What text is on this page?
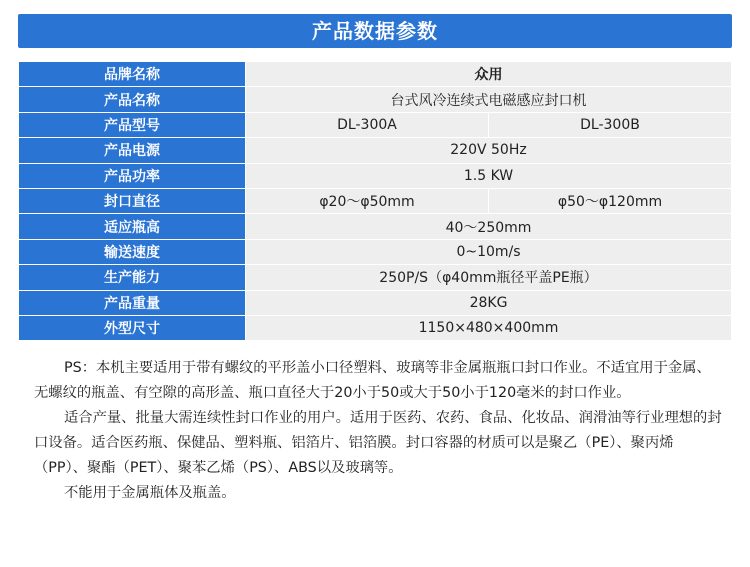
产品数据参数
品牌名称	众用	
产品名称	台式风冷连续式电磁感应封口机	
产品型号	DL-300A	DL-300B
产品电源	220V 50Hz	
产品功率	1.5 KW	
封口直径	φ20～φ50mm	φ50～φ120mm
适应瓶高	40～250mm	
输送速度	0~10m/s	
生产能力	250P/S（φ40mm瓶径平盖PE瓶）	
产品重量	28KG	
外型尺寸	1150×480×400mm	

PS：本机主要适用于带有螺纹的平形盖小口径塑料、玻璃等非金属瓶瓶口封口作业。不适宜用于金属、无螺纹的瓶盖、有空隙的高形盖、瓶口直径大于20小于50或大于50小于120毫米的封口作业。

适合产量、批量大需连续性封口作业的用户。适用于医药、农药、食品、化妆品、润滑油等行业理想的封口设备。适合医药瓶、保健品、塑料瓶、铝箔片、铝箔膜。封口容器的材质可以是聚乙（PE）、聚丙烯（PP）、聚酯（PET）、聚苯乙烯（PS）、ABS以及玻璃等。

不能用于金属瓶体及瓶盖。
